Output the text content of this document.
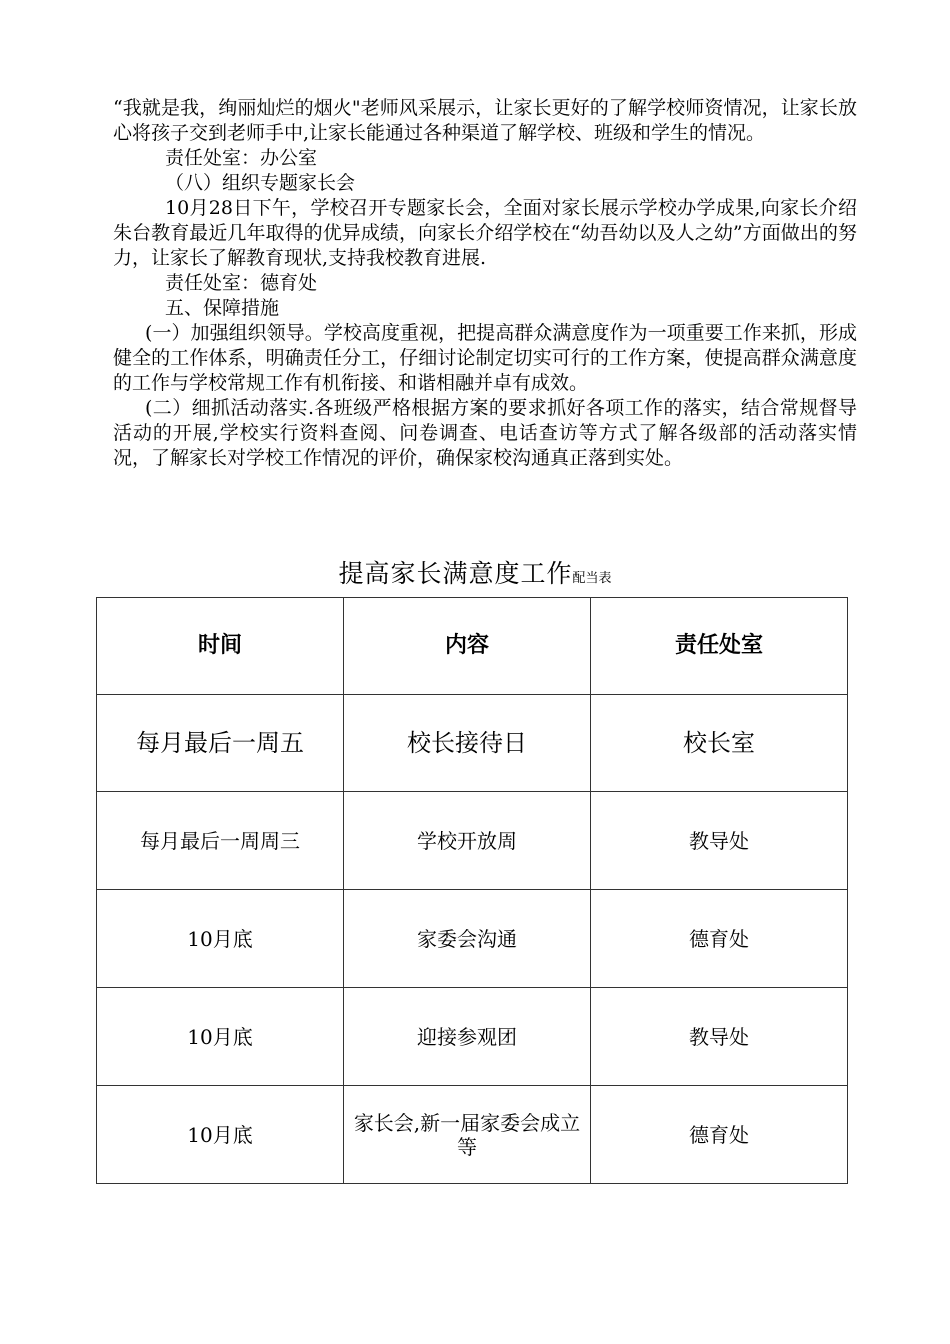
“我就是我，绚丽灿烂的烟火"老师风采展示，让家长更好的了解学校师资情况，让家长放心将孩子交到老师手中,让家长能通过各种渠道了解学校、班级和学生的情况。

责任处室：办公室

（八）组织专题家长会

10月28日下午，学校召开专题家长会，全面对家长展示学校办学成果,向家长介绍朱台教育最近几年取得的优异成绩，向家长介绍学校在“幼吾幼以及人之幼”方面做出的努力，让家长了解教育现状,支持我校教育进展.

责任处室：德育处

五、保障措施

(一）加强组织领导。学校高度重视，把提高群众满意度作为一项重要工作来抓，形成健全的工作体系，明确责任分工，仔细讨论制定切实可行的工作方案，使提高群众满意度的工作与学校常规工作有机衔接、和谐相融并卓有成效。

(二）细抓活动落实.各班级严格根据方案的要求抓好各项工作的落实，结合常规督导活动的开展,学校实行资料查阅、问卷调查、电话查访等方式了解各级部的活动落实情况，了解家长对学校工作情况的评价，确保家校沟通真正落到实处。

提高家长满意度工作配当表
时间	内容	责任处室
每月最后一周五	校长接待日	校长室
每月最后一周周三	学校开放周	教导处
10月底	家委会沟通	德育处
10月底	迎接参观团	教导处
10月底	家长会,新一届家委会成立等	德育处
